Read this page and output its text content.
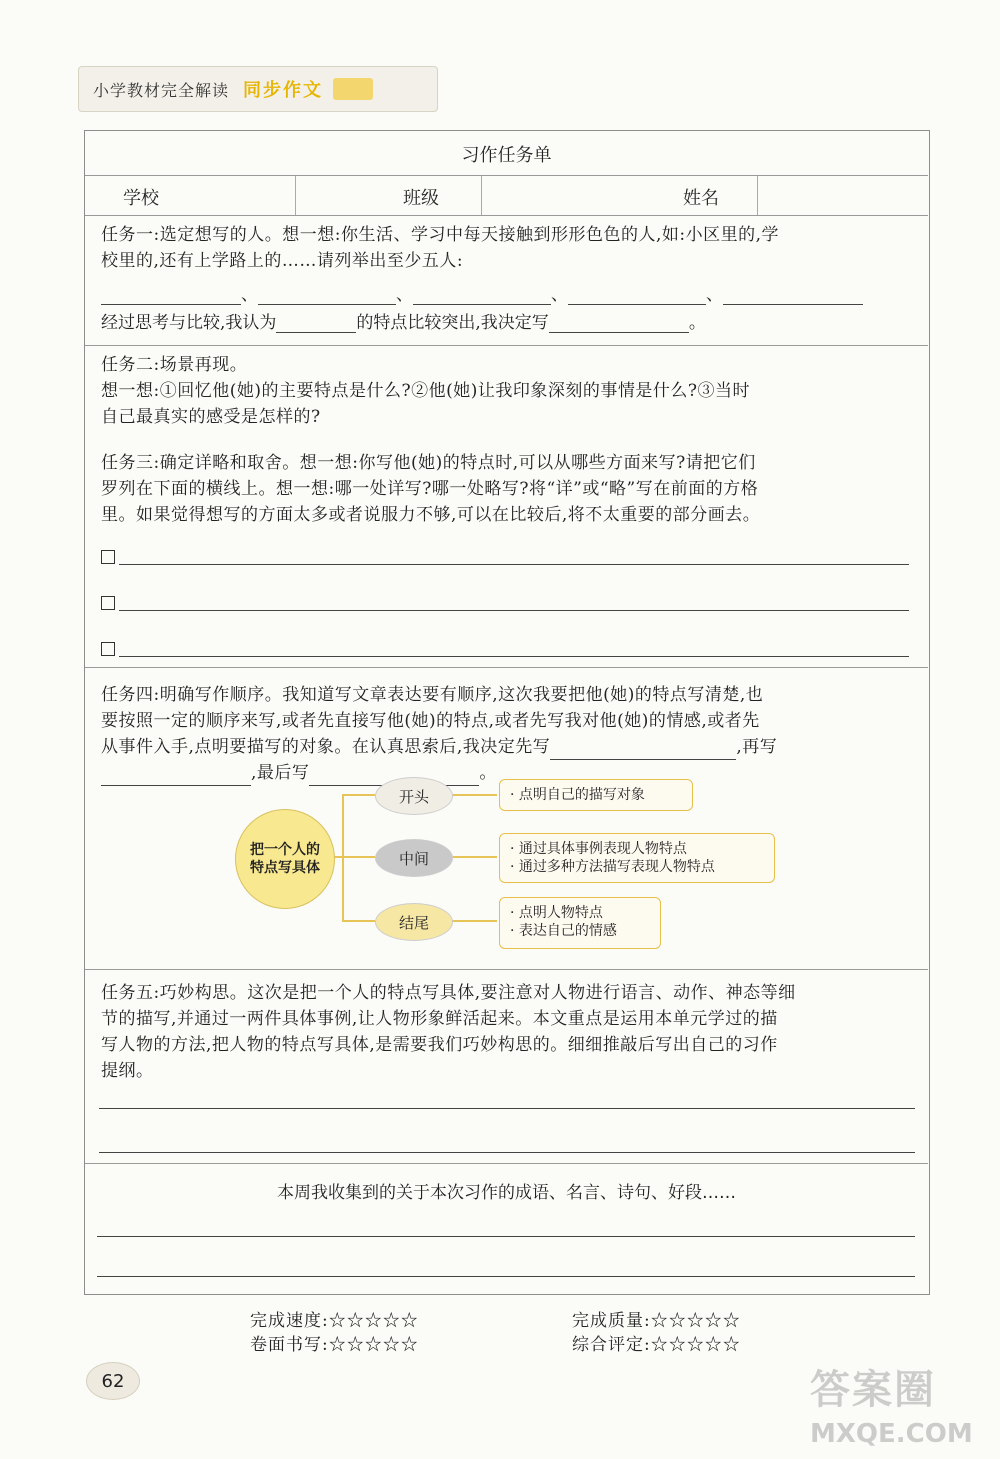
小学教材完全解读 同步作文
习作任务单
学校	班级	姓名
任务一:选定想写的人。想一想:你生活、学习中每天接触到形形色色的人,如:小区里的,学
校里的,还有上学路上的……请列举出至少五人:
、	、	、	、
经过思考与比较,我认为	的特点比较突出,我决定写	。
任务二:场景再现。
想一想:①回忆他(她)的主要特点是什么?②他(她)让我印象深刻的事情是什么?③当时
自己最真实的感受是怎样的?
任务三:确定详略和取舍。想一想:你写他(她)的特点时,可以从哪些方面来写?请把它们
罗列在下面的横线上。想一想:哪一处详写?哪一处略写?将“详”或“略”写在前面的方格
里。如果觉得想写的方面太多或者说服力不够,可以在比较后,将不太重要的部分画去。
任务四:明确写作顺序。我知道写文章表达要有顺序,这次我要把他(她)的特点写清楚,也
要按照一定的顺序来写,或者先直接写他(她)的特点,或者先写我对他(她)的情感,或者先
从事件入手,点明要描写的对象。在认真思索后,我决定先写	,再写
,最后写	。
把一个人的特点写具体
开头
中间
结尾
· 点明自己的描写对象
· 通过具体事例表现人物特点
· 通过多种方法描写表现人物特点
· 点明人物特点
· 表达自己的情感
任务五:巧妙构思。这次是把一个人的特点写具体,要注意对人物进行语言、动作、神态等细
节的描写,并通过一两件具体事例,让人物形象鲜活起来。本文重点是运用本单元学过的描
写人物的方法,把人物的特点写具体,是需要我们巧妙构思的。细细推敲后写出自己的习作
提纲。
本周我收集到的关于本次习作的成语、名言、诗句、好段……
完成速度:☆☆☆☆☆	完成质量:☆☆☆☆☆
卷面书写:☆☆☆☆☆	综合评定:☆☆☆☆☆
62	答案圈
MXQE.COM
